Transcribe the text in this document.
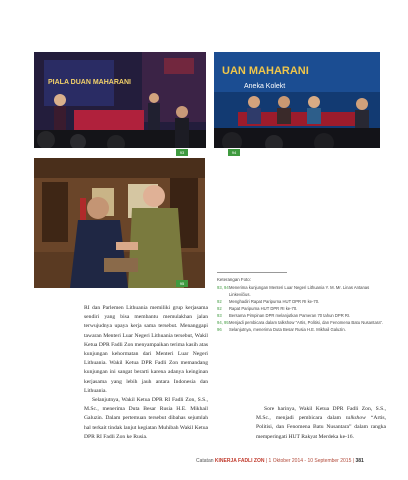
PIALA DUAN MAHARANI
93
UAN MAHARANI
Aneka Kolekt
94
95
Keterangan Foto:
93, 94 Menerima kunjungan Menteri Luar Negeri Lithuania Y. M. Mr. Linas Antanas Linkevičius.
92	Menghadiri Rapat Paripurna HUT DPR RI ke-70.
92	Rapat Paripurna HUT DPR RI ke-70.
93	Bersama Pimpinan DPR melanjutkan Pameran 70 tahun DPR RI.
94, 95 Menjadi pembicara dalam talkshow “Artis, Politisi, dan Fenomena Batu Nusantara”.
96	Selanjutnya, menerima Duta Besar Rusia H.E. Mikhail Galuzin.

RI dan Parlemen Lithuania memiliki grup kerjasama sendiri yang bisa membantu memulakhan jalan terwujudnya upaya kerja sama tersebut. Menanggapi tawaran Menteri Luar Negeri Lithuania tersebut, Wakil Ketua DPR Fadli Zon menyampaikan terima kasih atas kunjungan kehormatan dari Menteri Luar Negeri Lithuania. Wakil Ketua DPR Fadli Zon memandang kunjungan ini sangat berarti karena adanya keinginan kerjasama yang lebih jauh antara Indonesia dan Lithuania.

Selanjutnya, Wakil Ketua DPR RI Fadli Zon, S.S., M.Sc., menerima Duta Besar Rusia H.E. Mikhail Galuzin. Dalam pertemuan tersebut dibahas sejumlah hal terkait tindak lanjut kegiatan Muhibah Wakil Ketua DPR RI Fadli Zon ke Rusia.

Sore harinya, Wakil Ketua DPR Fadli Zon, S.S., M.Sc., menjadi pembicara dalam talkshow “Artis, Politisi, dan Fenomena Batu Nusantara” dalam rangka memperingati HUT Rakyat Merdeka ke-16.

Catatan KINERJA FADLI ZON | 1 Oktober 2014 - 10 September 2015 | 381
